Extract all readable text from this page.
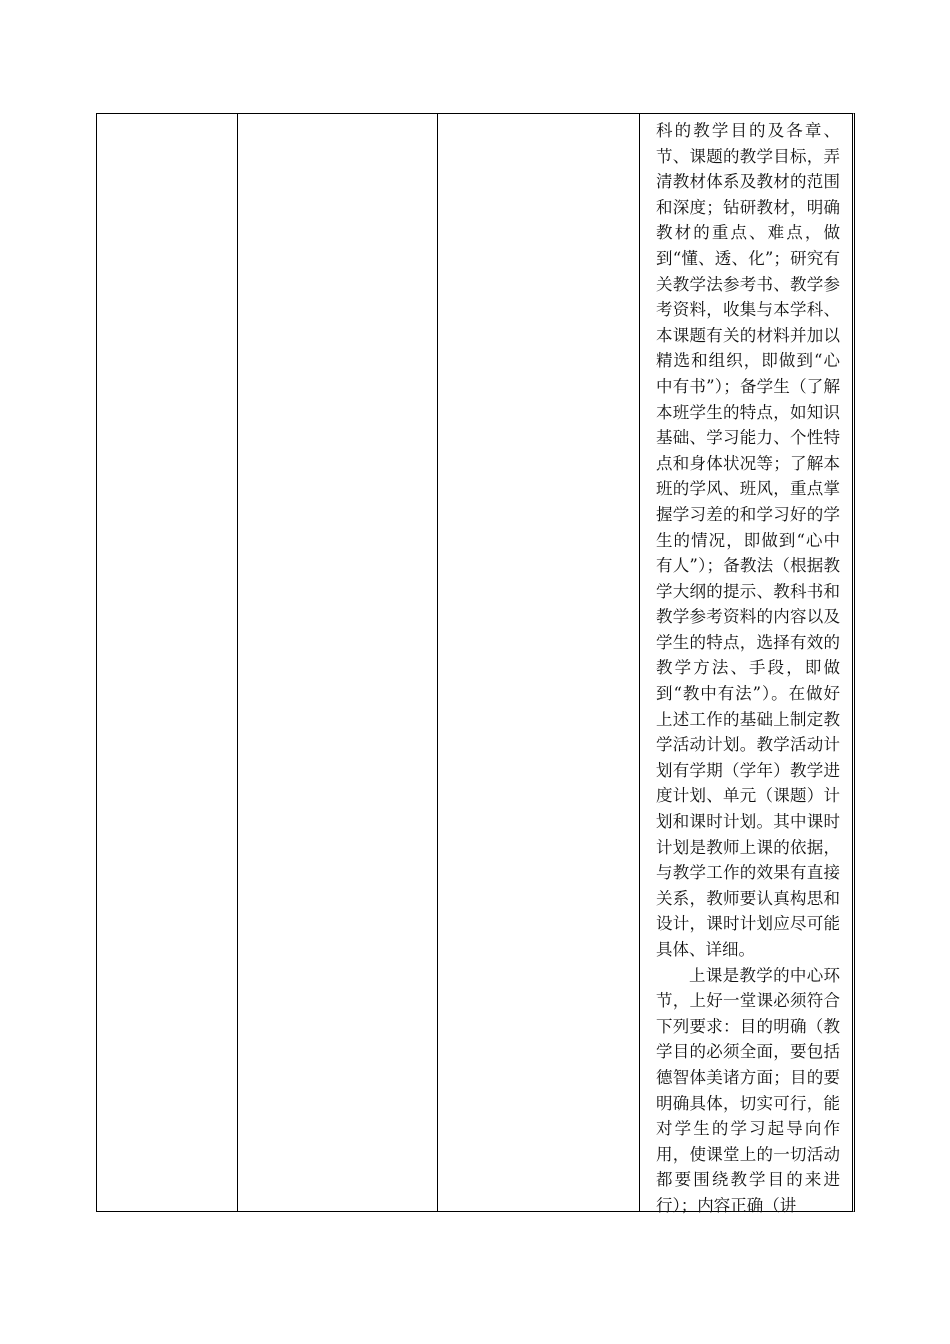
科的教学目的及各章、节、课题的教学目标，弄清教材体系及教材的范围和深度；钻研教材，明确教材的重点、难点，做到“懂、透、化”；研究有关教学法参考书、教学参考资料，收集与本学科、本课题有关的材料并加以精选和组织，即做到“心中有书”）；备学生（了解本班学生的特点，如知识基础、学习能力、个性特点和身体状况等；了解本班的学风、班风，重点掌握学习差的和学习好的学生的情况，即做到“心中有人”）；备教法（根据教学大纲的提示、教科书和教学参考资料的内容以及学生的特点，选择有效的教学方法、手段，即做到“教中有法”）。在做好上述工作的基础上制定教学活动计划。教学活动计划有学期（学年）教学进度计划、单元（课题）计划和课时计划。其中课时计划是教师上课的依据，与教学工作的效果有直接关系，教师要认真构思和设计，课时计划应尽可能具体、详细。

上课是教学的中心环节，上好一堂课必须符合下列要求：目的明确（教学目的必须全面，要包括德智体美诸方面；目的要明确具体，切实可行，能对学生的学习起导向作用，使课堂上的一切活动都要围绕教学目的来进行）；内容正确（讲
